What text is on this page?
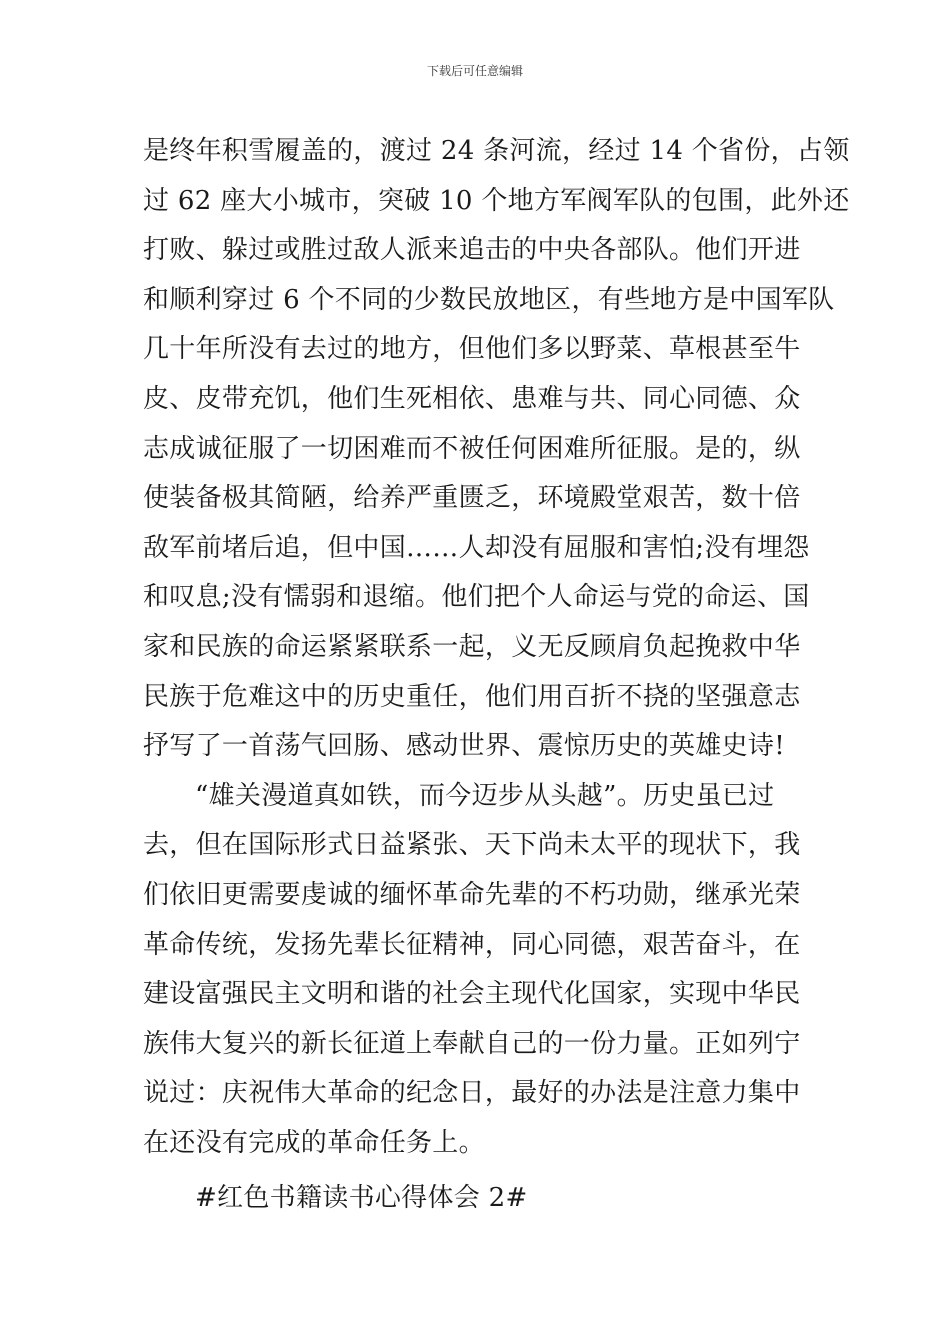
下载后可任意编辑
是终年积雪履盖的，渡过 24 条河流，经过 14 个省份，占领
过 62 座大小城市，突破 10 个地方军阀军队的包围，此外还
打败、躲过或胜过敌人派来追击的中央各部队。他们开进
和顺利穿过 6 个不同的少数民放地区，有些地方是中国军队
几十年所没有去过的地方，但他们多以野菜、草根甚至牛
皮、皮带充饥，他们生死相依、患难与共、同心同德、众
志成诚征服了一切困难而不被任何困难所征服。是的，纵
使装备极其简陋，给养严重匮乏，环境殿堂艰苦，数十倍
敌军前堵后追，但中国……人却没有屈服和害怕;没有埋怨
和叹息;没有懦弱和退缩。他们把个人命运与党的命运、国
家和民族的命运紧紧联系一起，义无反顾肩负起挽救中华
民族于危难这中的历史重任，他们用百折不挠的坚强意志
抒写了一首荡气回肠、感动世界、震惊历史的英雄史诗!
“雄关漫道真如铁，而今迈步从头越”。历史虽已过
去，但在国际形式日益紧张、天下尚未太平的现状下，我
们依旧更需要虔诚的缅怀革命先辈的不朽功勋，继承光荣
革命传统，发扬先辈长征精神，同心同德，艰苦奋斗，在
建设富强民主文明和谐的社会主现代化国家，实现中华民
族伟大复兴的新长征道上奉献自己的一份力量。正如列宁
说过：庆祝伟大革命的纪念日，最好的办法是注意力集中
在还没有完成的革命任务上。
#红色书籍读书心得体会 2#
